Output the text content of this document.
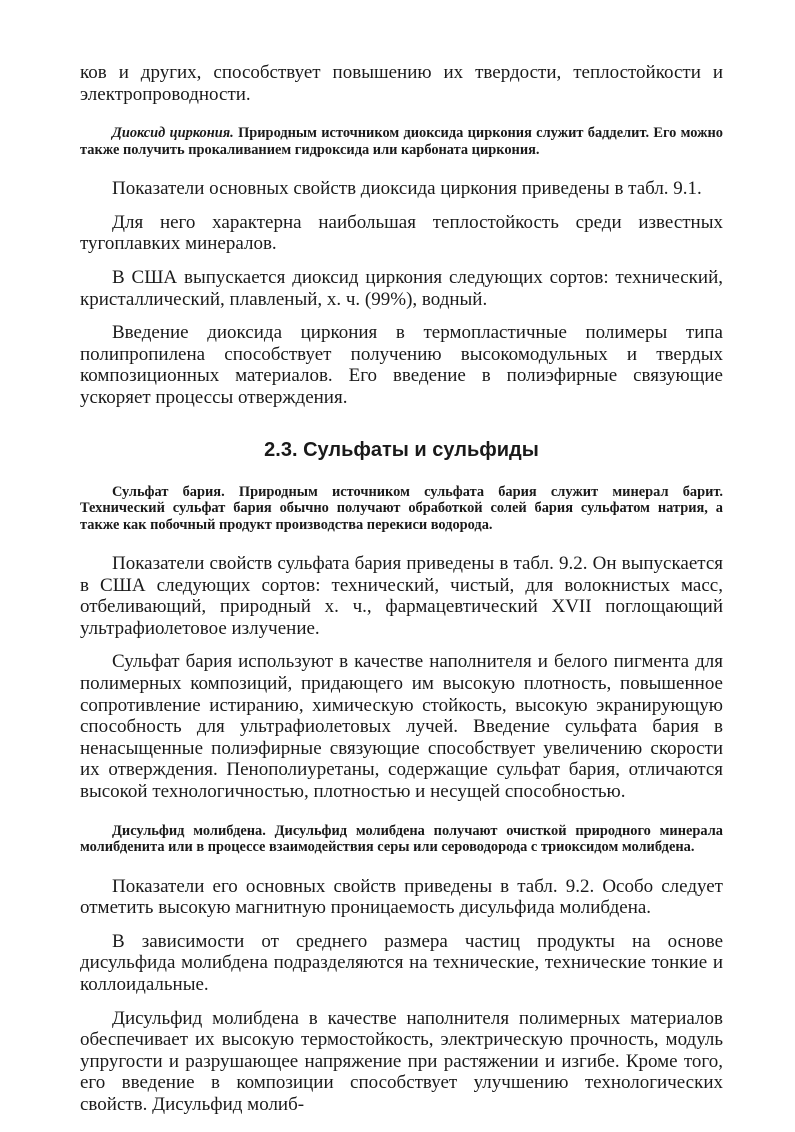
ков и других, способствует повышению их твердости, теплостойкости и электропроводности.

Диоксид циркония. Природным источником диоксида циркония служит бадделит. Его можно также получить прокаливанием гидроксида или карбоната циркония.

Показатели основных свойств диоксида циркония приведены в табл. 9.1.

Для него характерна наибольшая теплостойкость среди известных тугоплавких минералов.

В США выпускается диоксид циркония следующих сортов: технический, кристаллический, плавленый, х. ч. (99%), водный.

Введение диоксида циркония в термопластичные полимеры типа полипропилена способствует получению высокомодульных и твердых композиционных материалов. Его введение в полиэфирные связующие ускоряет процессы отверждения.

2.3. Сульфаты и сульфиды

Сульфат бария. Природным источником сульфата бария служит минерал барит. Технический сульфат бария обычно получают обработкой солей бария сульфатом натрия, а также как побочный продукт производства перекиси водорода.

Показатели свойств сульфата бария приведены в табл. 9.2. Он выпускается в США следующих сортов: технический, чистый, для волокнистых масс, отбеливающий, природный х. ч., фармацевтический XVII поглощающий ультрафиолетовое излучение.

Сульфат бария используют в качестве наполнителя и белого пигмента для полимерных композиций, придающего им высокую плотность, повышенное сопротивление истиранию, химическую стойкость, высокую экранирующую способность для ультрафиолетовых лучей. Введение сульфата бария в ненасыщенные полиэфирные связующие способствует увеличению скорости их отверждения. Пенополиуретаны, содержащие сульфат бария, отличаются высокой технологичностью, плотностью и несущей способностью.

Дисульфид молибдена. Дисульфид молибдена получают очисткой природного минерала молибденита или в процессе взаимодействия серы или сероводорода с триоксидом молибдена.

Показатели его основных свойств приведены в табл. 9.2. Особо следует отметить высокую магнитную проницаемость дисульфида молибдена.

В зависимости от среднего размера частиц продукты на основе дисульфида молибдена подразделяются на технические, технические тонкие и коллоидальные.

Дисульфид молибдена в качестве наполнителя полимерных материалов обеспечивает их высокую термостойкость, электрическую прочность, модуль упругости и разрушающее напряжение при растяжении и изгибе. Кроме того, его введение в композиции способствует улучшению технологических свойств. Дисульфид молиб-
